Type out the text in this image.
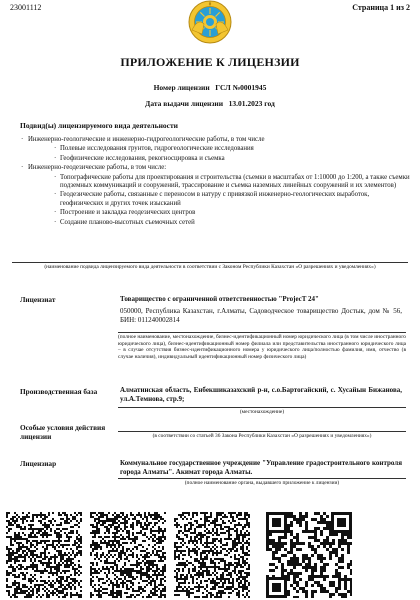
23001112	Страница 1 из 2
ПРИЛОЖЕНИЕ К ЛИЦЕНЗИИ
Номер лицензии ГСЛ №0001945
Дата выдачи лицензии 13.01.2023 год
Подвид(ы) лицензируемого вида деятельности
· Инженерно-геологические и инженерно-гидрогеологические работы, в том числе
· Полевые исследования грунтов, гидрогеологические исследования
· Геофизические исследования, рекогносцировка и съемка
· Инженерно-геодезические работы, в том числе:
· Топографические работы для проектирования и строительства (съемки в масштабах от 1:10000 до 1:200, а также съемки подземных коммуникаций и сооружений, трассирование и съемка наземных линейных сооружений и их элементов)
· Геодезические работы, связанные с переносом в натуру с привязкой инженерно-геологических выработок, геофизических и других точек изысканий
· Построение и закладка геодезических центров
· Создание планово-высотных съемочных сетей
(наименование подвида лицензируемого вида деятельности в соответствии с Законом Республики Казахстан «О разрешениях и уведомлениях»)
Лицензиат	Товарищество с ограниченной ответственностью "ProjecT 24"
050000, Республика Казахстан, г.Алматы, Садоводческое товарищество Достык, дом № 56, БИН: 011240002814
(полное наименование, местонахождение, бизнес-идентификационный номер юридического лица (в том числе иностранного юридического лица), бизнес-идентификационный номер филиала или представительства иностранного юридического лица – в случае отсутствия бизнес-идентификационного номера у юридического лица/полностью фамилия, имя, отчество (в случае наличия), индивидуальный идентификационный номер физического лица)
Производственная база	Алматинская область, Енбекшиказахский р-н, с.о.Бартогайский, с. Хусайын Бижанова, ул.А.Темнова, стр.9;
(местонахождение)
Особые условия действия лицензии	(в соответствии со статьей 36 Закона Республики Казахстан «О разрешениях и уведомлениях»)
Лицензиар	Коммунальное государственное учреждение "Управление градостроительного контроля города Алматы". Акимат города Алматы.
(полное наименование органа, выдавшего приложение к лицензии)
